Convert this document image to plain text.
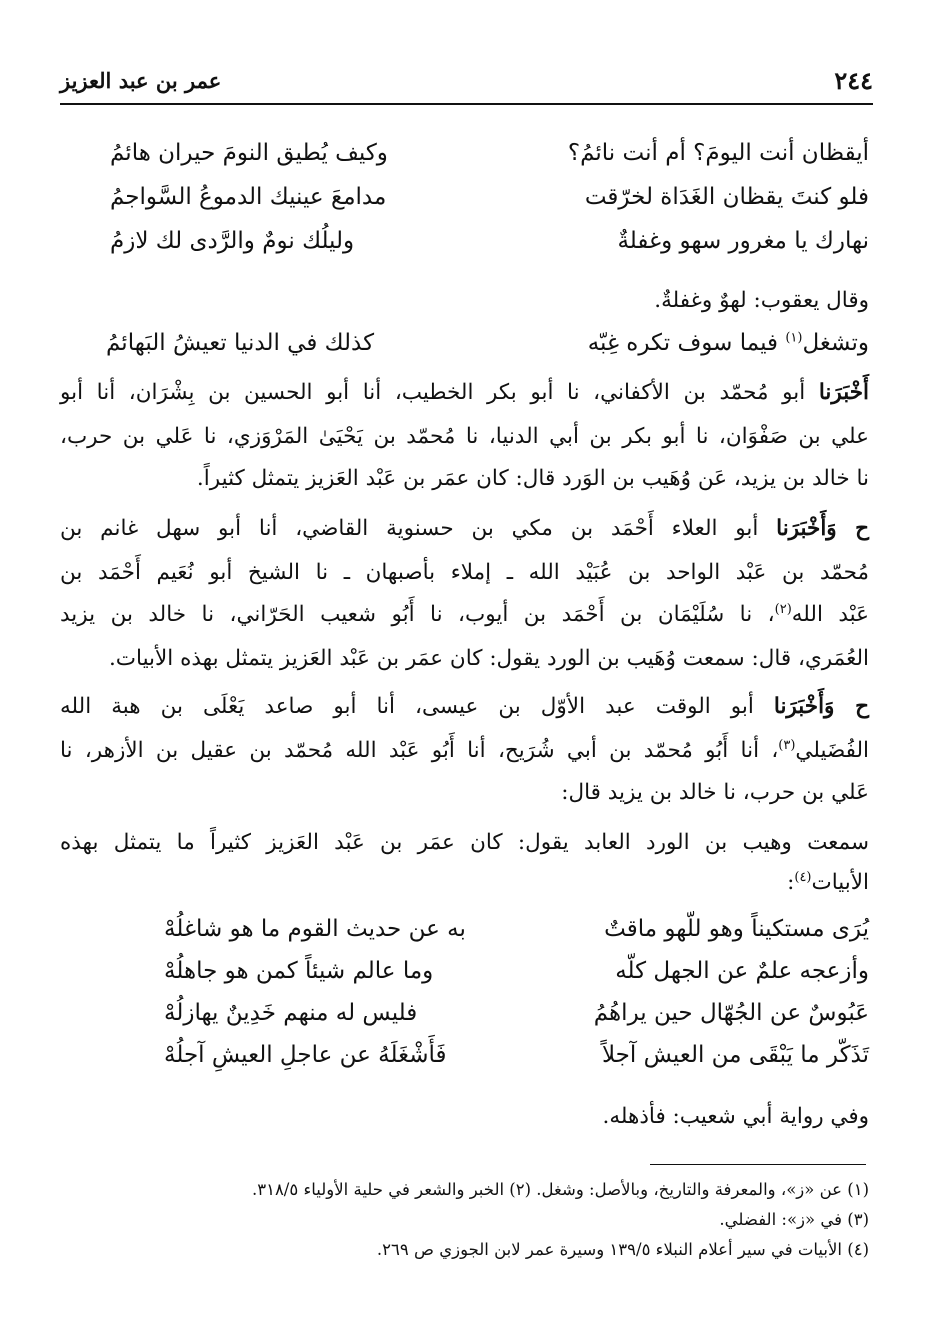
٢٤٤
عمر بن عبد العزيز
أيقظان أنت اليومَ؟ أم أنت نائمُ؟
وكيف يُطيق النومَ حيران هائمُ
فلو كنتَ يقظان الغَدَاة لخرّقت
مدامعَ عينيك الدموعُ السَّواجمُ
نهارك يا مغرور سهو وغفلةٌ
وليلُك نومٌ والرَّدى لك لازمُ
وقال يعقوب: لهوٌ وغفلةٌ.
وتشغل$^{(١)}$ فيما سوف تكره غِبّه
كذلك في الدنيا تعيشُ البَهائمُ
أَخْبَرَنا أبو مُحمّد بن الأكفاني، نا أبو بكر الخطيب، أنا أبو الحسين بن بِشْرَان، أنا أبو
علي بن صَفْوَان، نا أبو بكر بن أبي الدنيا، نا مُحمّد بن يَحْيَىٰ المَرْوَزي، نا عَلي بن حرب،
نا خالد بن يزيد، عَن وُهَيب بن الوَرد قال: كان عمَر بن عَبْد العَزيز يتمثل كثيراً.
ح وَأَخْبَرَنا أبو العلاء أَحْمَد بن مكي بن حسنوية القاضي، أنا أبو سهل غانم بن
مُحمّد بن عَبْد الواحد بن عُبَيْد الله ـ إملاء بأصبهان ـ نا الشيخ أبو نُعَيم أَحْمَد بن
عَبْد الله$^{(٢)}$، نا سُلَيْمَان بن أَحْمَد بن أيوب، نا أَبُو شعيب الحَرّاني، نا خالد بن يزيد
العُمَري، قال: سمعت وُهَيب بن الورد يقول: كان عمَر بن عَبْد العَزيز يتمثل بهذه الأبيات.
ح وَأَخْبَرَنا أبو الوقت عبد الأوّل بن عيسى، أنا أبو صاعد يَعْلَى بن هبة الله
الفُضَيلي$^{(٣)}$، أنا أَبُو مُحمّد بن أبي شُرَيح، أنا أَبُو عَبْد الله مُحمّد بن عقيل بن الأزهر، نا
عَلي بن حرب، نا خالد بن يزيد قال:
سمعت وهيب بن الورد العابد يقول: كان عمَر بن عَبْد العَزيز كثيراً ما يتمثل بهذه
الأبيات$^{(٤)}$:
يُرَى مستكيناً وهو للّهو ماقتٌ
به عن حديث القوم ما هو شاغلُهْ
وأزعجه علمٌ عن الجهل كلّه
وما عالم شيئاً كمن هو جاهلُهْ
عَبُوسٌ عن الجُهّال حين يراهُمُ
فليس له منهم خَدِينٌ يهازلُهْ
تَذَكّر ما يَبْقَى من العيش آجلاً
فَأَشْغَلَهُ عن عاجلِ العيشِ آجلُهْ
وفي رواية أبي شعيب: فأذهله.
(١) عن «ز»، والمعرفة والتاريخ، وبالأصل: وشغل. (٢) الخبر والشعر في حلية الأولياء ٣١٨/٥.
(٣) في «ز»: الفضلي.
(٤) الأبيات في سير أعلام النبلاء ١٣٩/٥ وسيرة عمر لابن الجوزي ص ٢٦٩.
